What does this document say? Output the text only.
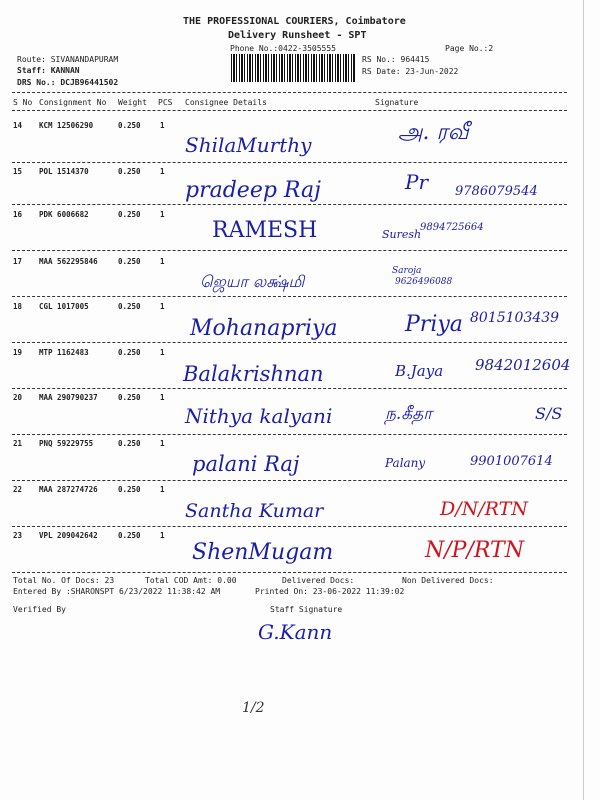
THE PROFESSIONAL COURIERS, Coimbatore
Delivery Runsheet - SPT
Phone No.:0422-3505555	Page No.:2
Route: SIVANANDAPURAM
Staff: KANNAN
DRS No.: DCJB96441502
RS No.: 964415
RS Date: 23-Jun-2022
S No Consignment No Weight PCS Consignee Details	Signature
14 KCM 12506290	0.250	1
ShilaMurthy	அ. ரவீ
15 POL 1514370	0.250	1
pradeep Raj	Pr 9786079544
16 PDK 6006682	0.250	1
RAMESH	Suresh
9894725664
17 MAA 562295846	0.250	1
ஜெயா லக்ஷ்மி
Saroja
9626496088
18 CGL 1017005	0.250	1
Mohanapriya	Priya 8015103439
19 MTP 1162483	0.250	1
Balakrishnan	B.Jaya 9842012604
20 MAA 290790237	0.250	1
Nithya kalyani	ந.கீதா	S/S
21 PNQ 59229755	0.250	1
palani Raj	Palany	9901007614
22 MAA 287274726	0.250	1
Santha Kumar	D/N/RTN
23 VPL 209042642	0.250	1
ShenMugam	N/P/RTN
Total No. Of Docs: 23	Total COD Amt: 0.00	Delivered Docs:	Non Delivered Docs:
Entered By :SHARONSPT 6/23/2022 11:38:42 AM	Printed On: 23-06-2022 11:39:02
Verified By	Staff Signature
G.Kann
1/2
